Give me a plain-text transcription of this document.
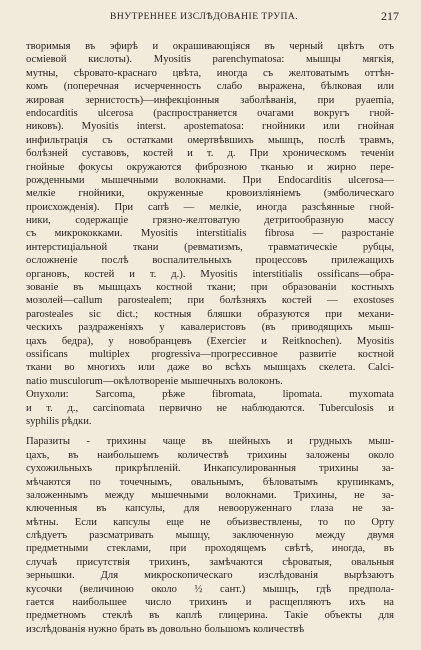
ВНУТРЕННЕЕ ИЗСЛѢДОВАНІЕ ТРУПА.	217
творимыя въ эфирѣ и окрашивающіяся въ черный цвѣтъ отъ
осміевой кислоты). Myositis parenchymatosa: мышцы мягкія,
мутны, сѣровато-краснаго цвѣта, иногда съ желтоватымъ оттѣн-
комъ (поперечная исчерченность слабо выражена, бѣлковая или
жировая зернистость)—инфекціонныя заболѣванія, при pyaemia,
endocarditis ulcerosa (распространяется очагами вокругъ гной-
никовъ). Myositis interst. apostematosa: гнойники или гнойная
инфильтрація съ остатками омертвѣвшихъ мышцъ, послѣ травмъ,
болѣзней суставовъ, костей и т. д. При хроническомъ теченіи
гнойные фокусы окружаются фиброзною тканью и жирно пере-
рожденными мышечными волокнами. При Endocarditis ulcerosa—
мелкіе гнойники, окруженные кровоизліяніемъ (эмболическаго
происхожденія). При сапѣ — мелкіе, иногда разсѣянные гной-
ники, содержащіе грязно-желтоватую детритообразную массу
съ микрококками. Myositis interstitialis fibrosa — разростаніе
интерстиціальной ткани (ревматизмъ, травматическіе рубцы,
осложненіе послѣ воспалительныхъ процессовъ прилежащихъ
органовъ, костей и т. д.). Myositis interstitialis ossificans—обра-
зованіе въ мышцахъ костной ткани; при образованіи костныхъ
мозолей—callum parostealem; при болѣзняхъ костей — exostoses
parosteales sic dict.; костныя бляшки образуются при механи-
ческихъ раздраженіяхъ у кавалеристовъ (въ приводящихъ мыш-
цахъ бедра), у новобранцевъ (Exercier и Reitknochen). Myositis
ossificans multiplex progressiva—прогрессивное развитіе костной
ткани во многихъ или даже во всѣхъ мышцахъ скелета. Calci-
natio musculorum—окѣлотвореніе мышечныхъ волоконъ.
Опухоли: Sarcoma, рѣже fibromata, lipomata. myxomata
и т. д., carcinomata первично не наблюдаются. Tuberculosis и
syphilis рѣдки.
Паразиты - трихины чаще въ шейныхъ и грудныхъ мыш-
цахъ, въ наибольшемъ количествѣ трихины заложены около
сухожильныхъ прикрѣпленій. Инкапсулированныя трихины за-
мѣчаются по точечнымъ, овальнымъ, бѣловатымъ крупинкамъ,
заложеннымъ между мышечными волокнами. Трихины, не за-
ключенныя въ капсулы, для невооруженнаго глаза не за-
мѣтны. Если капсулы еще не объизвествлены, то по Орту
слѣдуетъ разсматривать мышцу, заключенную между двумя
предметными стеклами, при проходящемъ свѣтѣ, иногда, въ
случаѣ присутствія трихинъ, замѣчаются сѣроватыя, овальныя
зернышки. Для микроскопическаго изслѣдованія вырѣзаютъ
кусочки (величиною около ½ сант.) мышцъ, гдѣ предпола-
гается наибольшее число трихинъ и расщепляютъ ихъ на
предметномъ стеклѣ въ каплѣ глицерина. Такіе объекты для
изслѣдованія нужно брать въ довольно большомъ количествѣ
